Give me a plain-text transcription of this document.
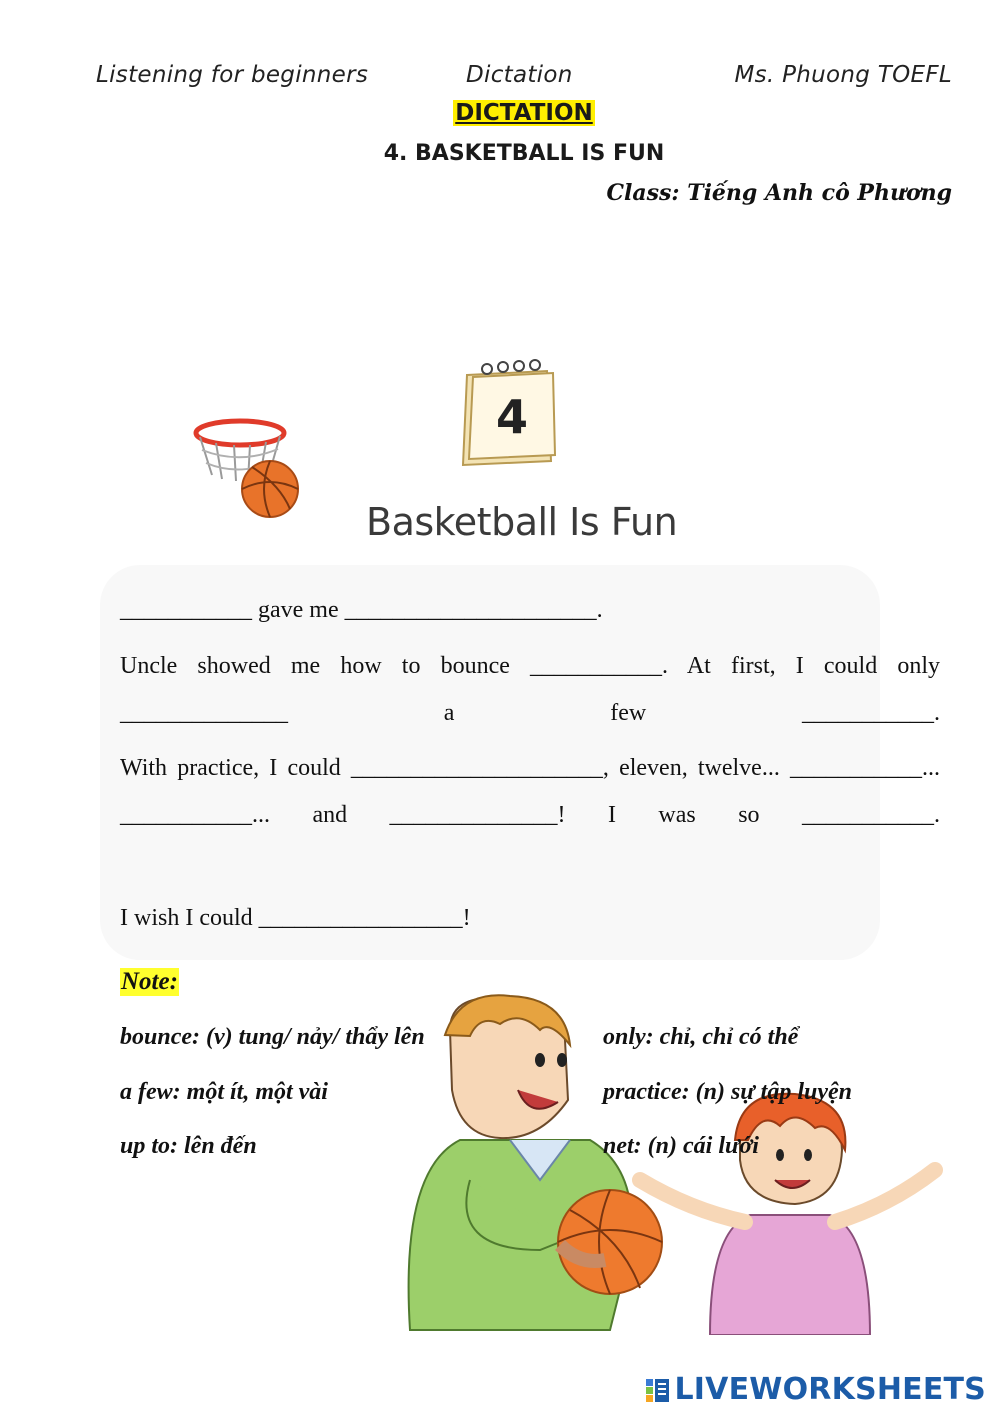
Listening for beginners	Dictation	Ms. Phuong TOEFL
DICTATION
4. BASKETBALL IS FUN
Class: Tiếng Anh cô Phương
4
Basketball Is Fun
___________ gave me _____________________.
Uncle showed me how to bounce ___________. At first, I could only ______________ a few ___________.
With practice, I could _____________________, eleven, twelve... ___________... ___________... and ______________! I was so ___________.
I wish I could _________________!
Note:
bounce: (v) tung/ nảy/ thẩy lên
a few: một ít, một vài
up to: lên đến
only: chỉ, chỉ có thể
practice: (n) sự tập luyện
net: (n) cái lưới
LIVEWORKSHEETS
